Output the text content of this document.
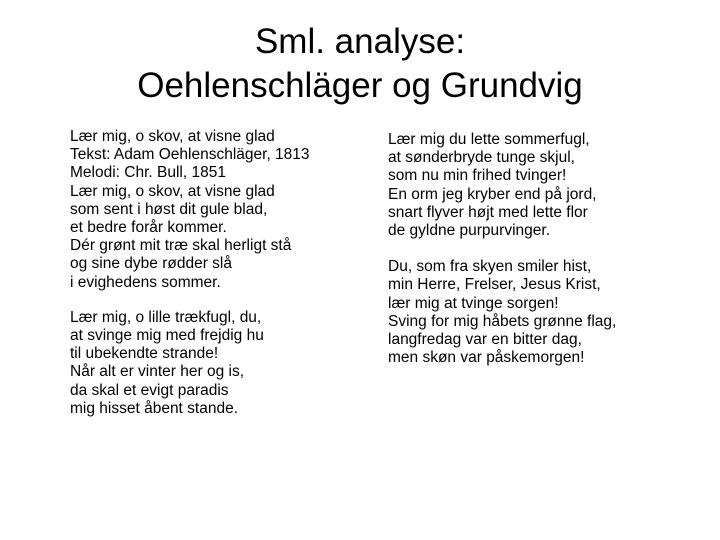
Sml. analyse:
Oehlenschläger og Grundvig

Lær mig, o skov, at visne glad
Tekst: Adam Oehlenschläger, 1813
Melodi: Chr. Bull, 1851
Lær mig, o skov, at visne glad
som sent i høst dit gule blad,
et bedre forår kommer.
Dér grønt mit træ skal herligt stå
og sine dybe rødder slå
i evighedens sommer.

Lær mig, o lille trækfugl, du,
at svinge mig med frejdig hu
til ubekendte strande!
Når alt er vinter her og is,
da skal et evigt paradis
mig hisset åbent stande.

Lær mig du lette sommerfugl,
at sønderbryde tunge skjul,
som nu min frihed tvinger!
En orm jeg kryber end på jord,
snart flyver højt med lette flor
de gyldne purpurvinger.

Du, som fra skyen smiler hist,
min Herre, Frelser, Jesus Krist,
lær mig at tvinge sorgen!
Sving for mig håbets grønne flag,
langfredag var en bitter dag,
men skøn var påskemorgen!
